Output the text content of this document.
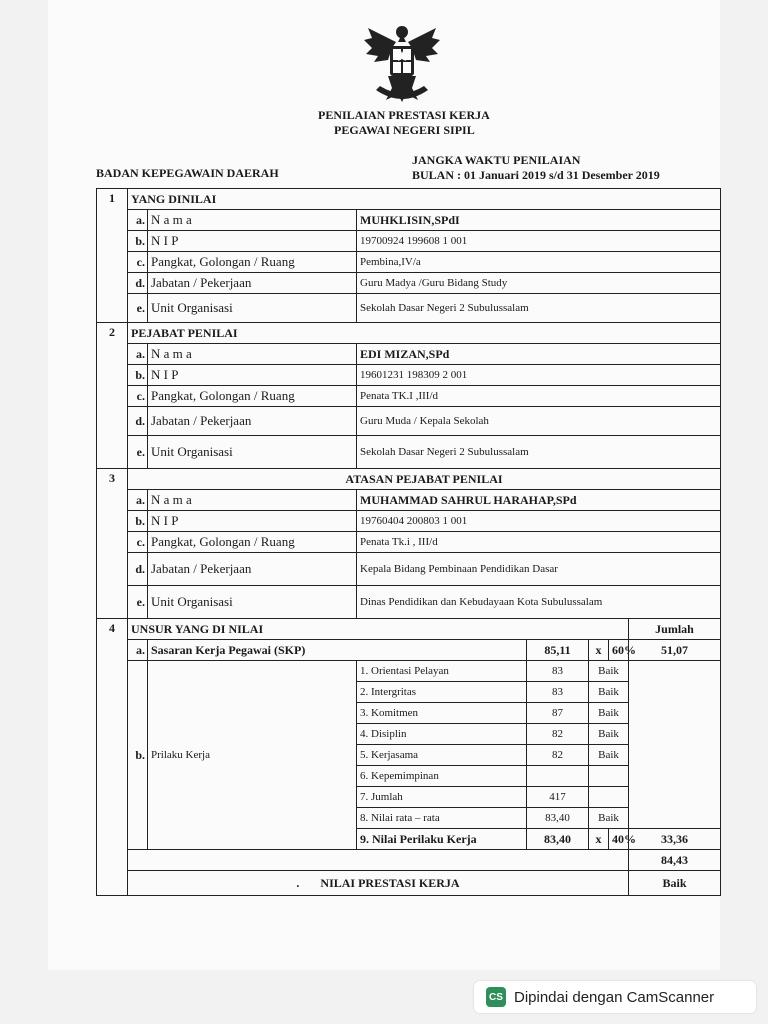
PENILAIAN PRESTASI KERJA
PEGAWAI NEGERI SIPIL
BADAN KEPEGAWAIN DAERAH
JANGKA WAKTU PENILAIAN
BULAN : 01 Januari 2019 s/d 31 Desember 2019
1	YANG DINILAI						
	a.	N a m a	MUHKLISIN,SPdI				
	b.	N I P	19700924 199608 1 001				
	c.	Pangkat, Golongan / Ruang	Pembina,IV/a				
	d.	Jabatan / Pekerjaan	Guru Madya /Guru Bidang Study				
	e.	Unit Organisasi	Sekolah Dasar Negeri 2 Subulussalam				
2	PEJABAT PENILAI						
	a.	N a m a	EDI MIZAN,SPd				
	b.	N I P	19601231 198309 2 001				
	c.	Pangkat, Golongan / Ruang	Penata TK.I ,III/d				
	d.	Jabatan / Pekerjaan	Guru Muda / Kepala Sekolah				
	e.	Unit Organisasi	Sekolah Dasar Negeri 2 Subulussalam				
3	ATASAN PEJABAT PENILAI						
	a.	N a m a	MUHAMMAD SAHRUL HARAHAP,SPd				
	b.	N I P	19760404 200803 1 001				
	c.	Pangkat, Golongan / Ruang	Penata Tk.i , III/d				
	d.	Jabatan / Pekerjaan	Kepala Bidang Pembinaan Pendidikan Dasar				
	e.	Unit Organisasi	Dinas Pendidikan dan Kebudayaan Kota Subulussalam				
4	UNSUR YANG DI NILAI						Jumlah
	a.	Sasaran Kerja Pegawai (SKP)		85,11	x	60%	51,07
	b.	Prilaku Kerja	1. Orientasi Pelayan	83	Baik		
			2. Intergritas	83	Baik		
			3. Komitmen	87	Baik		
			4. Disiplin	82	Baik		
			5. Kerjasama	82	Baik		
			6. Kepemimpinan				
			7. Jumlah	417			
			8. Nilai rata – rata	83,40	Baik		
			9. Nilai Perilaku Kerja	83,40	x	40%	33,36
							84,43
	. NILAI PRESTASI KERJA						Baik
CS Dipindai dengan CamScanner
